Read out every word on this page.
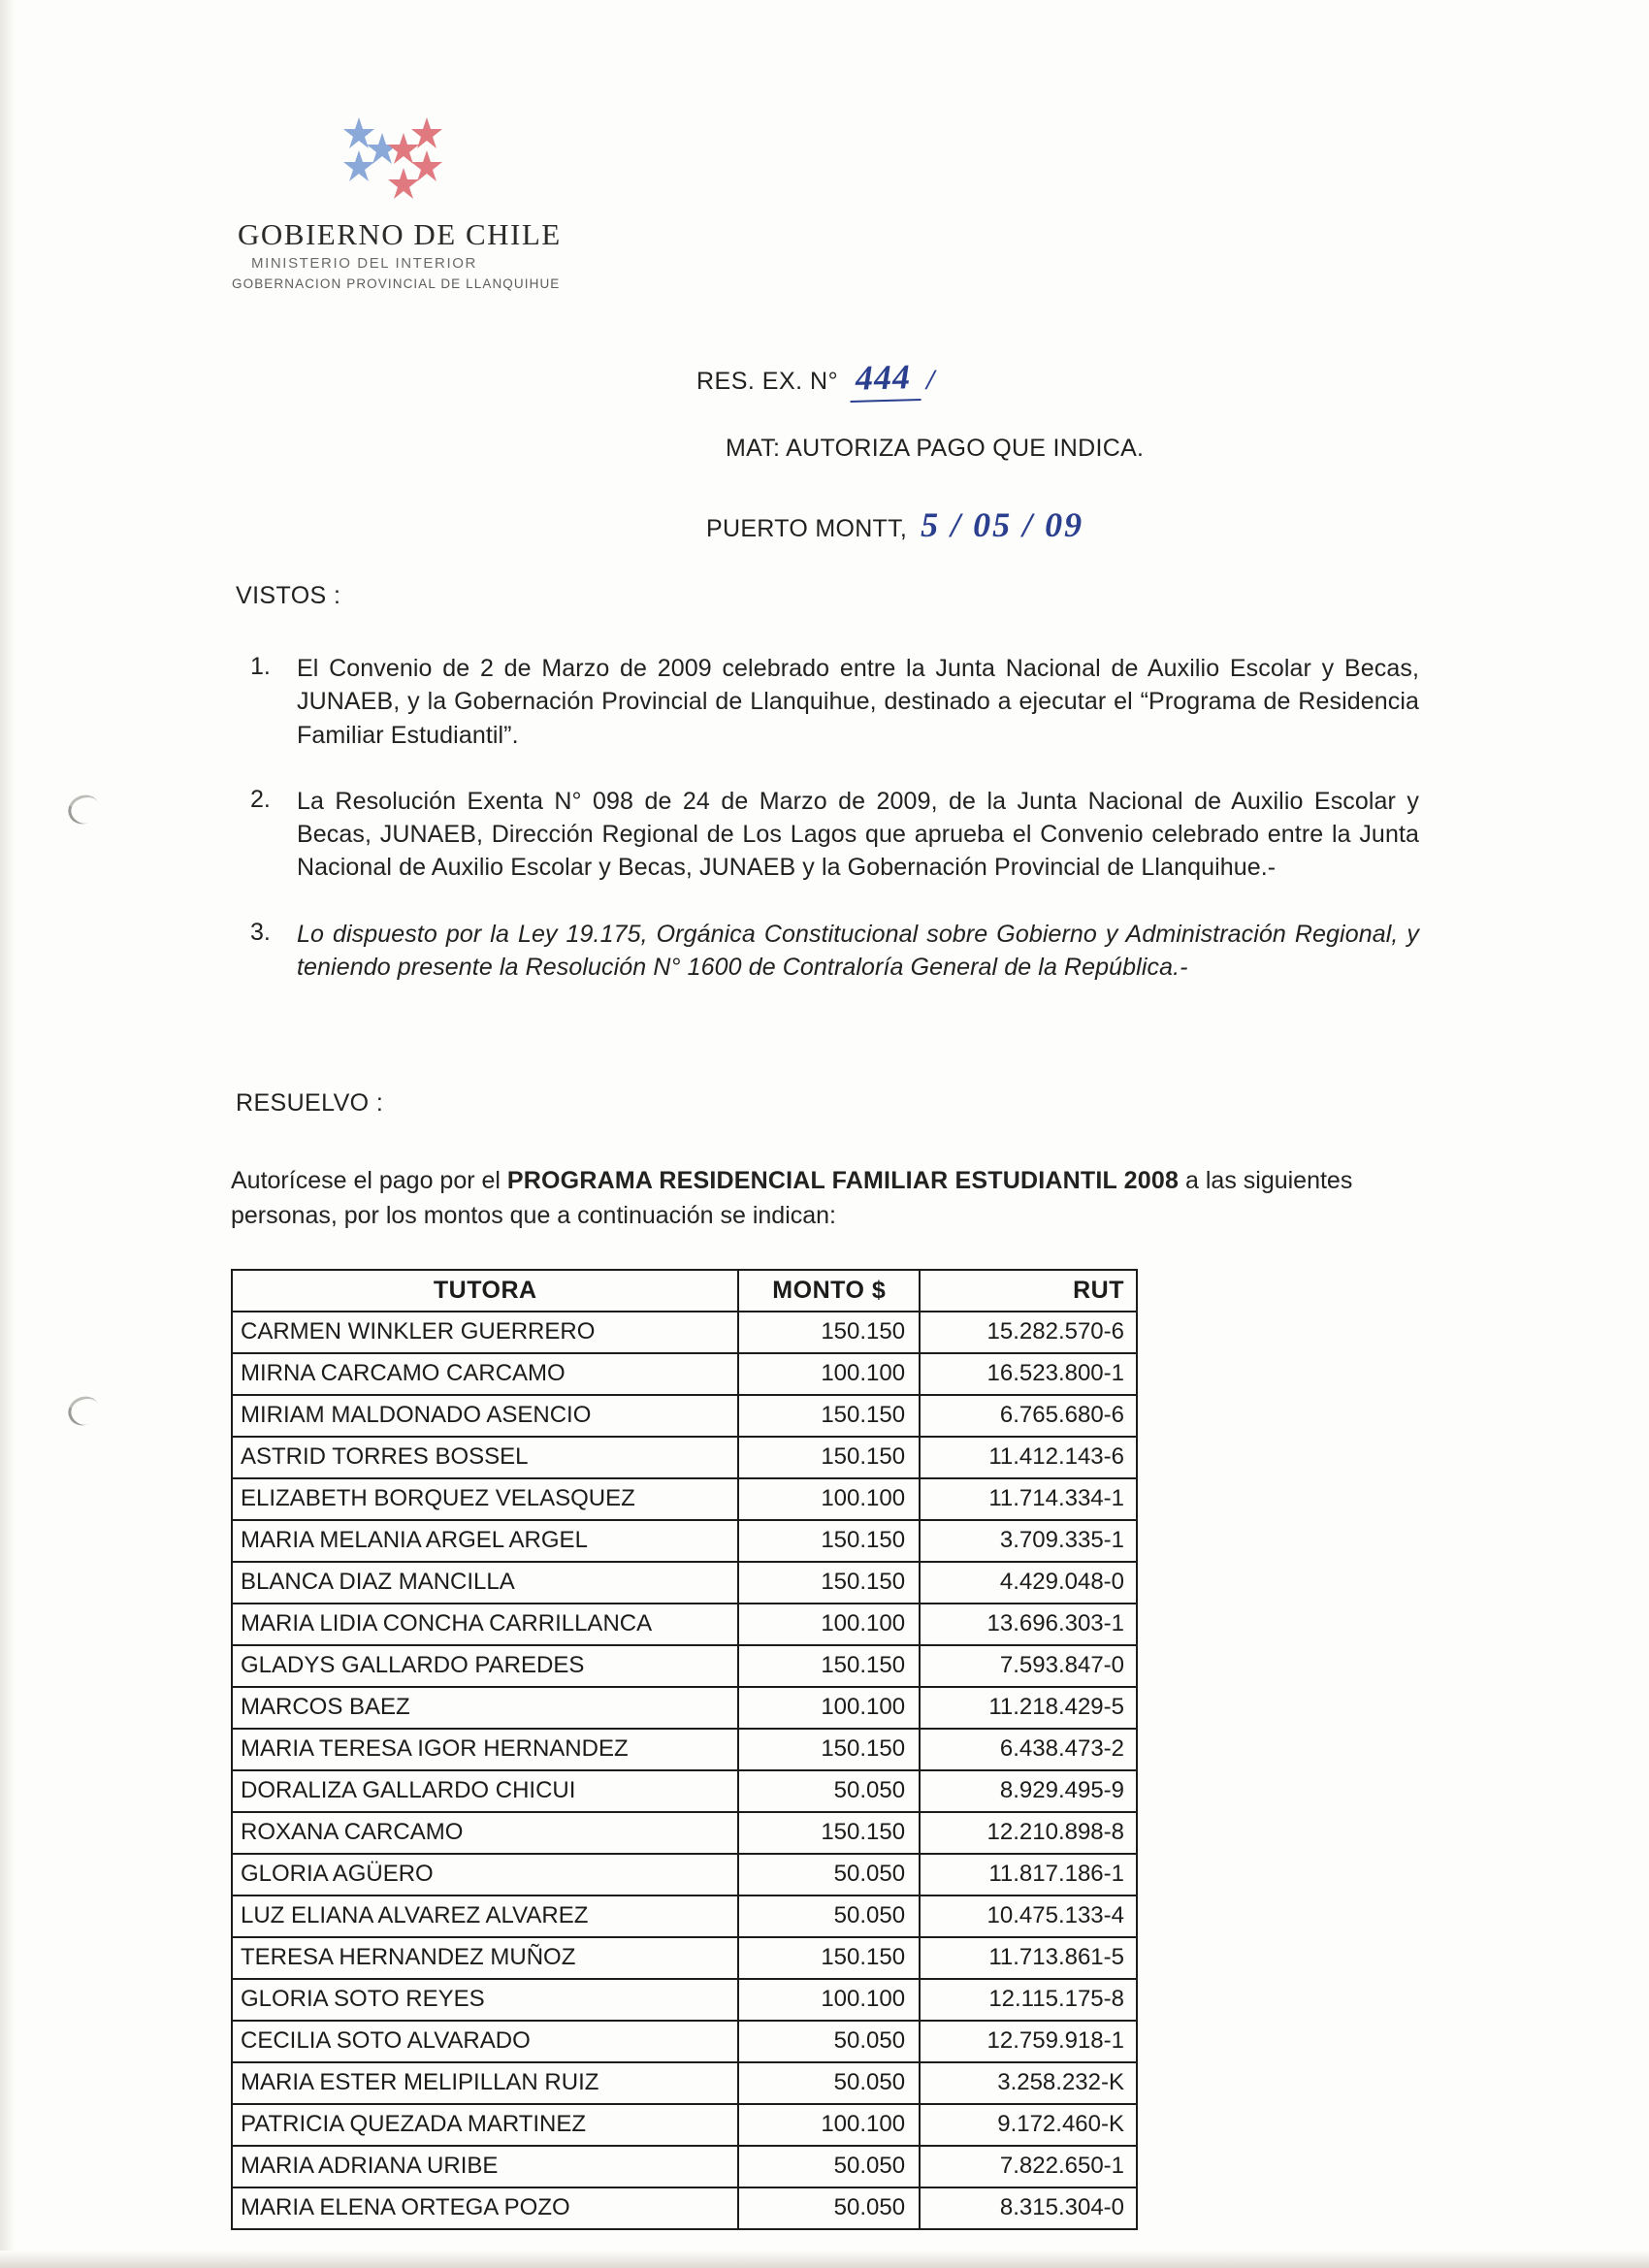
GOBIERNO DE CHILE
MINISTERIO DEL INTERIOR
GOBERNACION PROVINCIAL DE LLANQUIHUE
RES. EX. N° 444 /
MAT: AUTORIZA PAGO QUE INDICA.
PUERTO MONTT, 5 / 05 / 09
VISTOS :
1.	El Convenio de 2 de Marzo de 2009 celebrado entre la Junta Nacional de Auxilio Escolar y Becas, JUNAEB, y la Gobernación Provincial de Llanquihue, destinado a ejecutar el “Programa de Residencia Familiar Estudiantil”.
2.	La Resolución Exenta N° 098 de 24 de Marzo de 2009, de la Junta Nacional de Auxilio Escolar y Becas, JUNAEB, Dirección Regional de Los Lagos que aprueba el Convenio celebrado entre la Junta Nacional de Auxilio Escolar y Becas, JUNAEB y la Gobernación Provincial de Llanquihue.-
3.	Lo dispuesto por la Ley 19.175, Orgánica Constitucional sobre Gobierno y Administración Regional, y teniendo presente la Resolución N° 1600 de Contraloría General de la República.-
RESUELVO :
Autorícese el pago por el PROGRAMA RESIDENCIAL FAMILIAR ESTUDIANTIL 2008 a las siguientes personas, por los montos que a continuación se indican:
TUTORA	MONTO $	RUT
CARMEN WINKLER GUERRERO	150.150	15.282.570-6
MIRNA CARCAMO CARCAMO	100.100	16.523.800-1
MIRIAM MALDONADO ASENCIO	150.150	6.765.680-6
ASTRID TORRES BOSSEL	150.150	11.412.143-6
ELIZABETH BORQUEZ VELASQUEZ	100.100	11.714.334-1
MARIA MELANIA ARGEL ARGEL	150.150	3.709.335-1
BLANCA DIAZ MANCILLA	150.150	4.429.048-0
MARIA LIDIA CONCHA CARRILLANCA	100.100	13.696.303-1
GLADYS GALLARDO PAREDES	150.150	7.593.847-0
MARCOS BAEZ	100.100	11.218.429-5
MARIA TERESA IGOR HERNANDEZ	150.150	6.438.473-2
DORALIZA GALLARDO CHICUI	50.050	8.929.495-9
ROXANA CARCAMO	150.150	12.210.898-8
GLORIA AGÜERO	50.050	11.817.186-1
LUZ ELIANA ALVAREZ ALVAREZ	50.050	10.475.133-4
TERESA HERNANDEZ MUÑOZ	150.150	11.713.861-5
GLORIA SOTO REYES	100.100	12.115.175-8
CECILIA SOTO ALVARADO	50.050	12.759.918-1
MARIA ESTER MELIPILLAN RUIZ	50.050	3.258.232-K
PATRICIA QUEZADA MARTINEZ	100.100	9.172.460-K
MARIA ADRIANA URIBE	50.050	7.822.650-1
MARIA ELENA ORTEGA POZO	50.050	8.315.304-0
